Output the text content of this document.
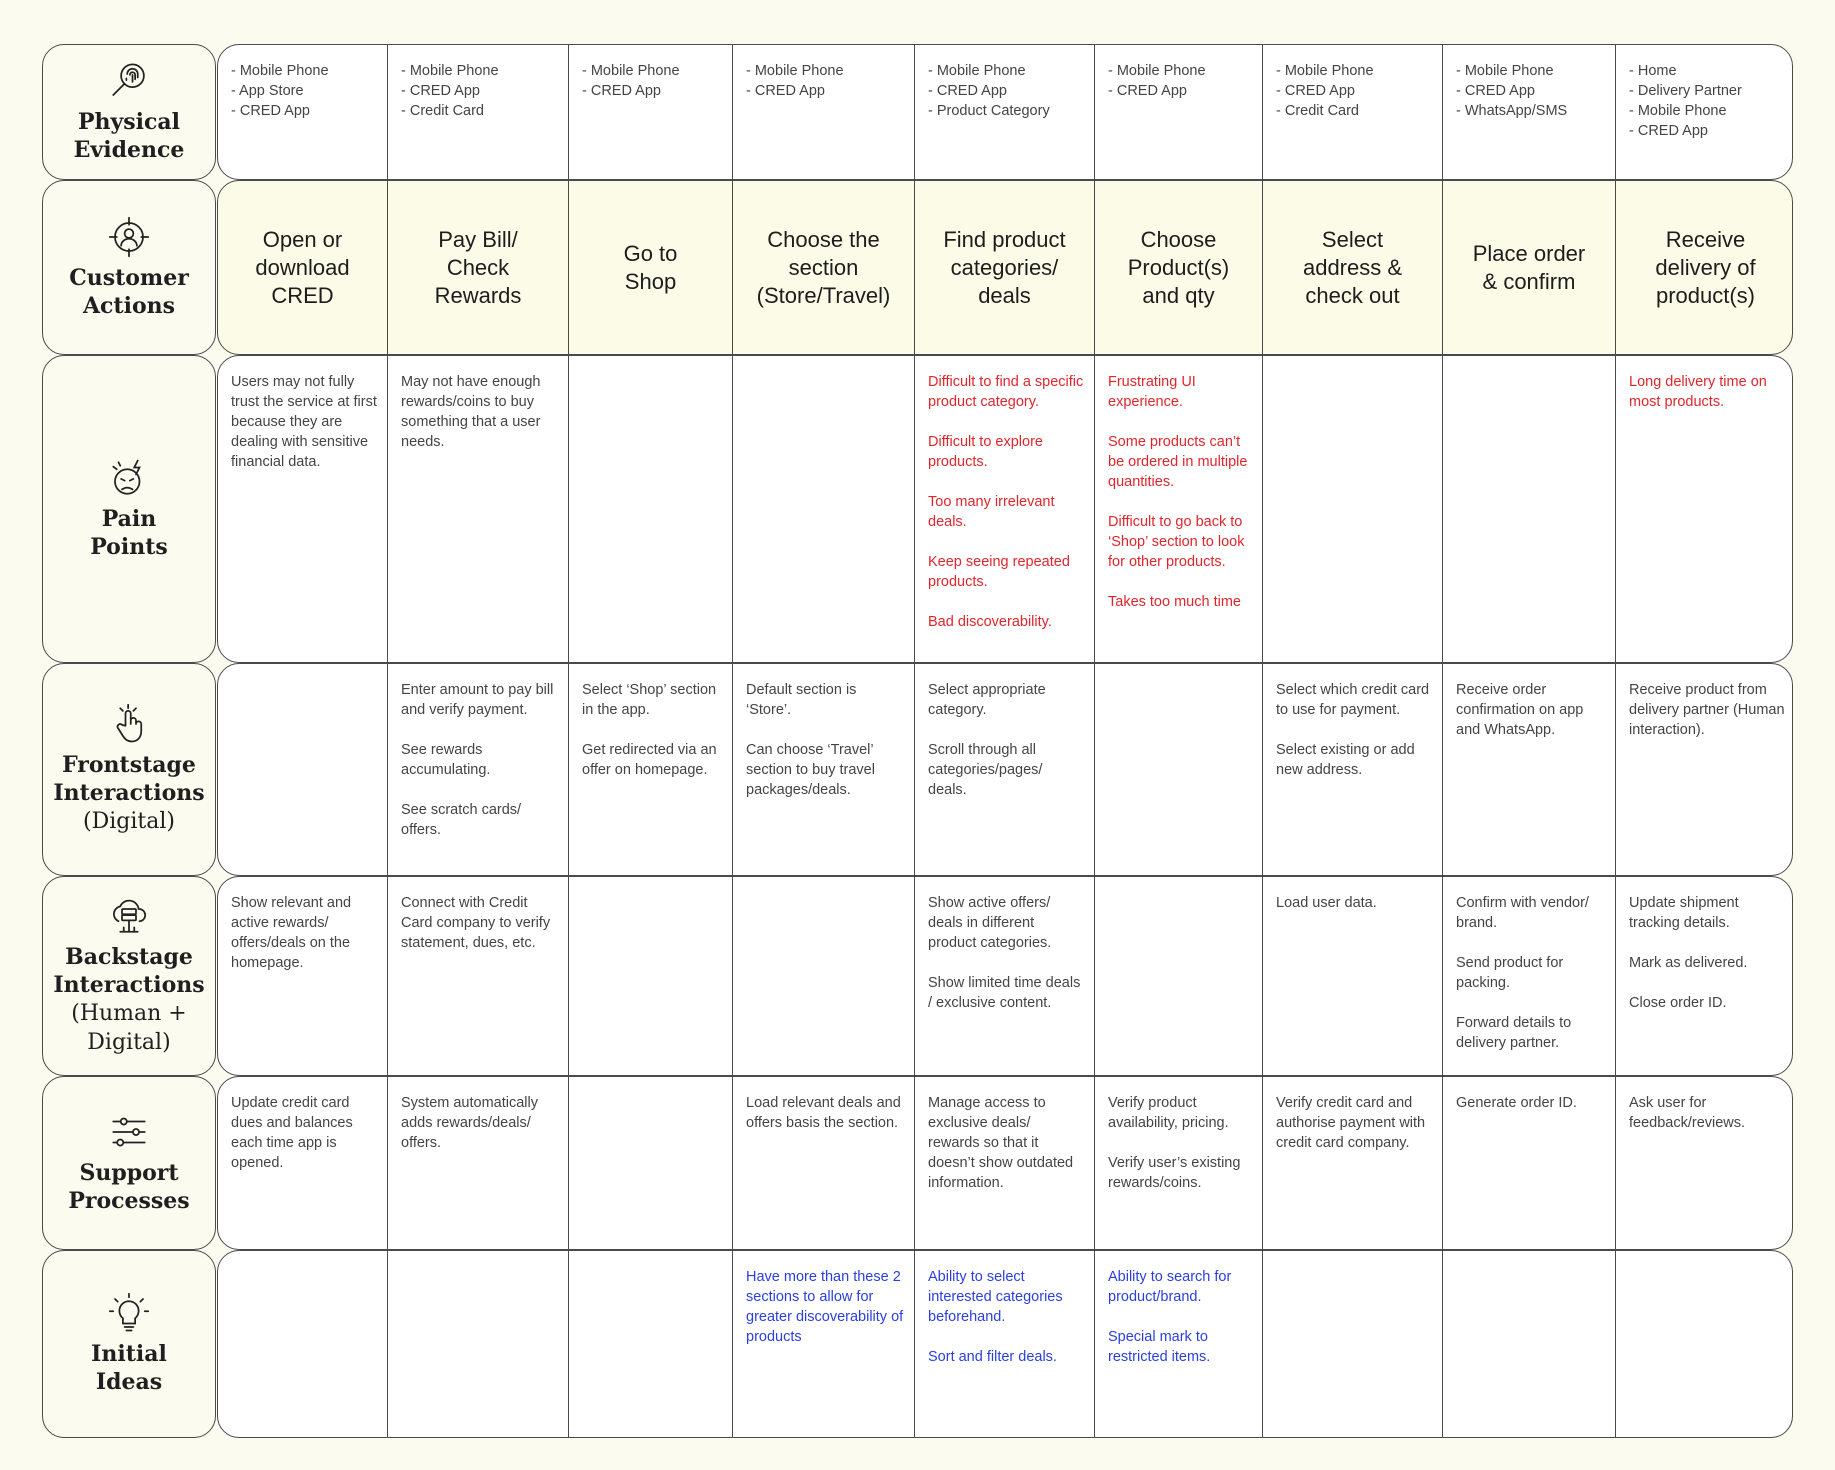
Physical
Evidence
- Mobile Phone
- App Store
- CRED App
- Mobile Phone
- CRED App
- Credit Card
- Mobile Phone
- CRED App
- Mobile Phone
- CRED App
- Mobile Phone
- CRED App
- Product Category
- Mobile Phone
- CRED App
- Mobile Phone
- CRED App
- Credit Card
- Mobile Phone
- CRED App
- WhatsApp/SMS
- Home
- Delivery Partner
- Mobile Phone
- CRED App
Customer
Actions
Open or
download
CRED
Pay Bill/
Check
Rewards
Go to
Shop
Choose the
section
(Store/Travel)
Find product
categories/
deals
Choose
Product(s)
and qty
Select
address &
check out
Place order
& confirm
Receive
delivery of
product(s)
Pain
Points
Users may not fully trust the service at first because they are dealing with sensitive financial data.
May not have enough rewards/coins to buy something that a user needs.
Difficult to find a specific product category.
Difficult to explore products.
Too many irrelevant deals.
Keep seeing repeated products.
Bad discoverability.
Frustrating UI experience.
Some products can’t be ordered in multiple quantities.
Difficult to go back to ‘Shop’ section to look for other products.
Takes too much time
Long delivery time on most products.
Frontstage
Interactions
(Digital)
Enter amount to pay bill and verify payment.
See rewards accumulating.
See scratch cards/ offers.
Select ‘Shop’ section in the app.
Get redirected via an offer on homepage.
Default section is ‘Store’.
Can choose ‘Travel’ section to buy travel packages/deals.
Select appropriate category.
Scroll through all categories/pages/ deals.
Select which credit card to use for payment.
Select existing or add new address.
Receive order confirmation on app and WhatsApp.
Receive product from delivery partner (Human interaction).
Backstage
Interactions
(Human +
Digital)
Show relevant and active rewards/ offers/deals on the homepage.
Connect with Credit Card company to verify statement, dues, etc.
Show active offers/ deals in different product categories.
Show limited time deals / exclusive content.
Load user data.	Confirm with vendor/ brand.
Send product for packing.
Forward details to delivery partner.
Update shipment tracking details.
Mark as delivered.
Close order ID.
Support
Processes
Update credit card dues and balances each time app is opened.
System automatically adds rewards/deals/ offers.
Load relevant deals and offers basis the section.
Manage access to exclusive deals/ rewards so that it doesn’t show outdated information.
Verify product availability, pricing.
Verify user’s existing rewards/coins.
Verify credit card and authorise payment with credit card company.
Generate order ID.	Ask user for feedback/reviews.
Initial
Ideas
Have more than these 2 sections to allow for greater discoverability of products
Ability to select interested categories beforehand.
Sort and filter deals.
Ability to search for product/brand.
Special mark to restricted items.
